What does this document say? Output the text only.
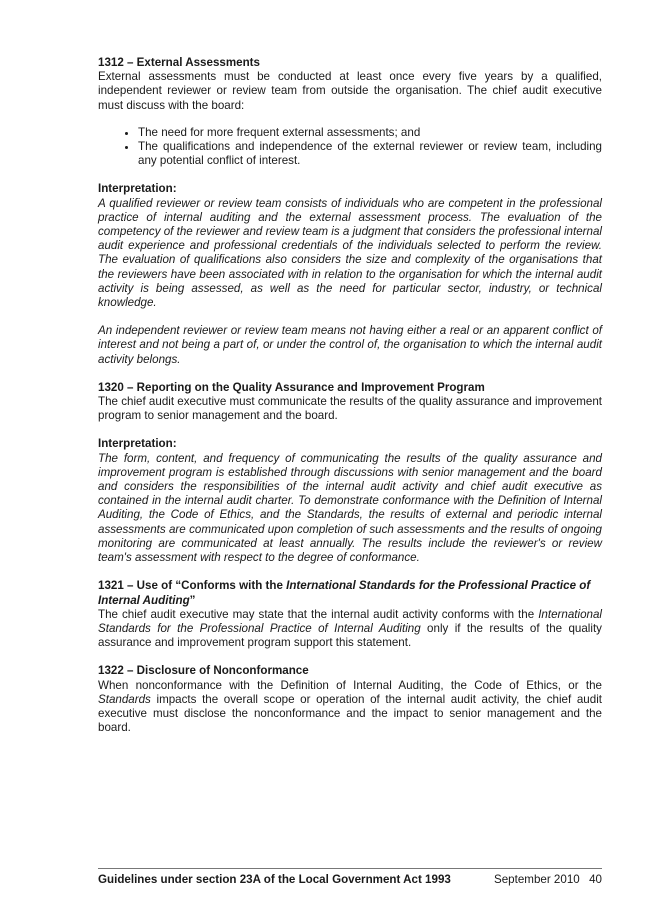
1312 – External Assessments

External assessments must be conducted at least once every five years by a qualified, independent reviewer or review team from outside the organisation. The chief audit executive must discuss with the board:

• The need for more frequent external assessments; and
• The qualifications and independence of the external reviewer or review team, including any potential conflict of interest.
Interpretation:

A qualified reviewer or review team consists of individuals who are competent in the professional practice of internal auditing and the external assessment process. The evaluation of the competency of the reviewer and review team is a judgment that considers the professional internal audit experience and professional credentials of the individuals selected to perform the review. The evaluation of qualifications also considers the size and complexity of the organisations that the reviewers have been associated with in relation to the organisation for which the internal audit activity is being assessed, as well as the need for particular sector, industry, or technical knowledge.

An independent reviewer or review team means not having either a real or an apparent conflict of interest and not being a part of, or under the control of, the organisation to which the internal audit activity belongs.

1320 – Reporting on the Quality Assurance and Improvement Program

The chief audit executive must communicate the results of the quality assurance and improvement program to senior management and the board.

Interpretation:

The form, content, and frequency of communicating the results of the quality assurance and improvement program is established through discussions with senior management and the board and considers the responsibilities of the internal audit activity and chief audit executive as contained in the internal audit charter. To demonstrate conformance with the Definition of Internal Auditing, the Code of Ethics, and the Standards, the results of external and periodic internal assessments are communicated upon completion of such assessments and the results of ongoing monitoring are communicated at least annually. The results include the reviewer's or review team's assessment with respect to the degree of conformance.

1321 – Use of “Conforms with the International Standards for the Professional Practice of Internal Auditing”

The chief audit executive may state that the internal audit activity conforms with the International Standards for the Professional Practice of Internal Auditing only if the results of the quality assurance and improvement program support this statement.

1322 – Disclosure of Nonconformance

When nonconformance with the Definition of Internal Auditing, the Code of Ethics, or the Standards impacts the overall scope or operation of the internal audit activity, the chief audit executive must disclose the nonconformance and the impact to senior management and the board.

Guidelines under section 23A of the Local Government Act 1993	September 2010 40
